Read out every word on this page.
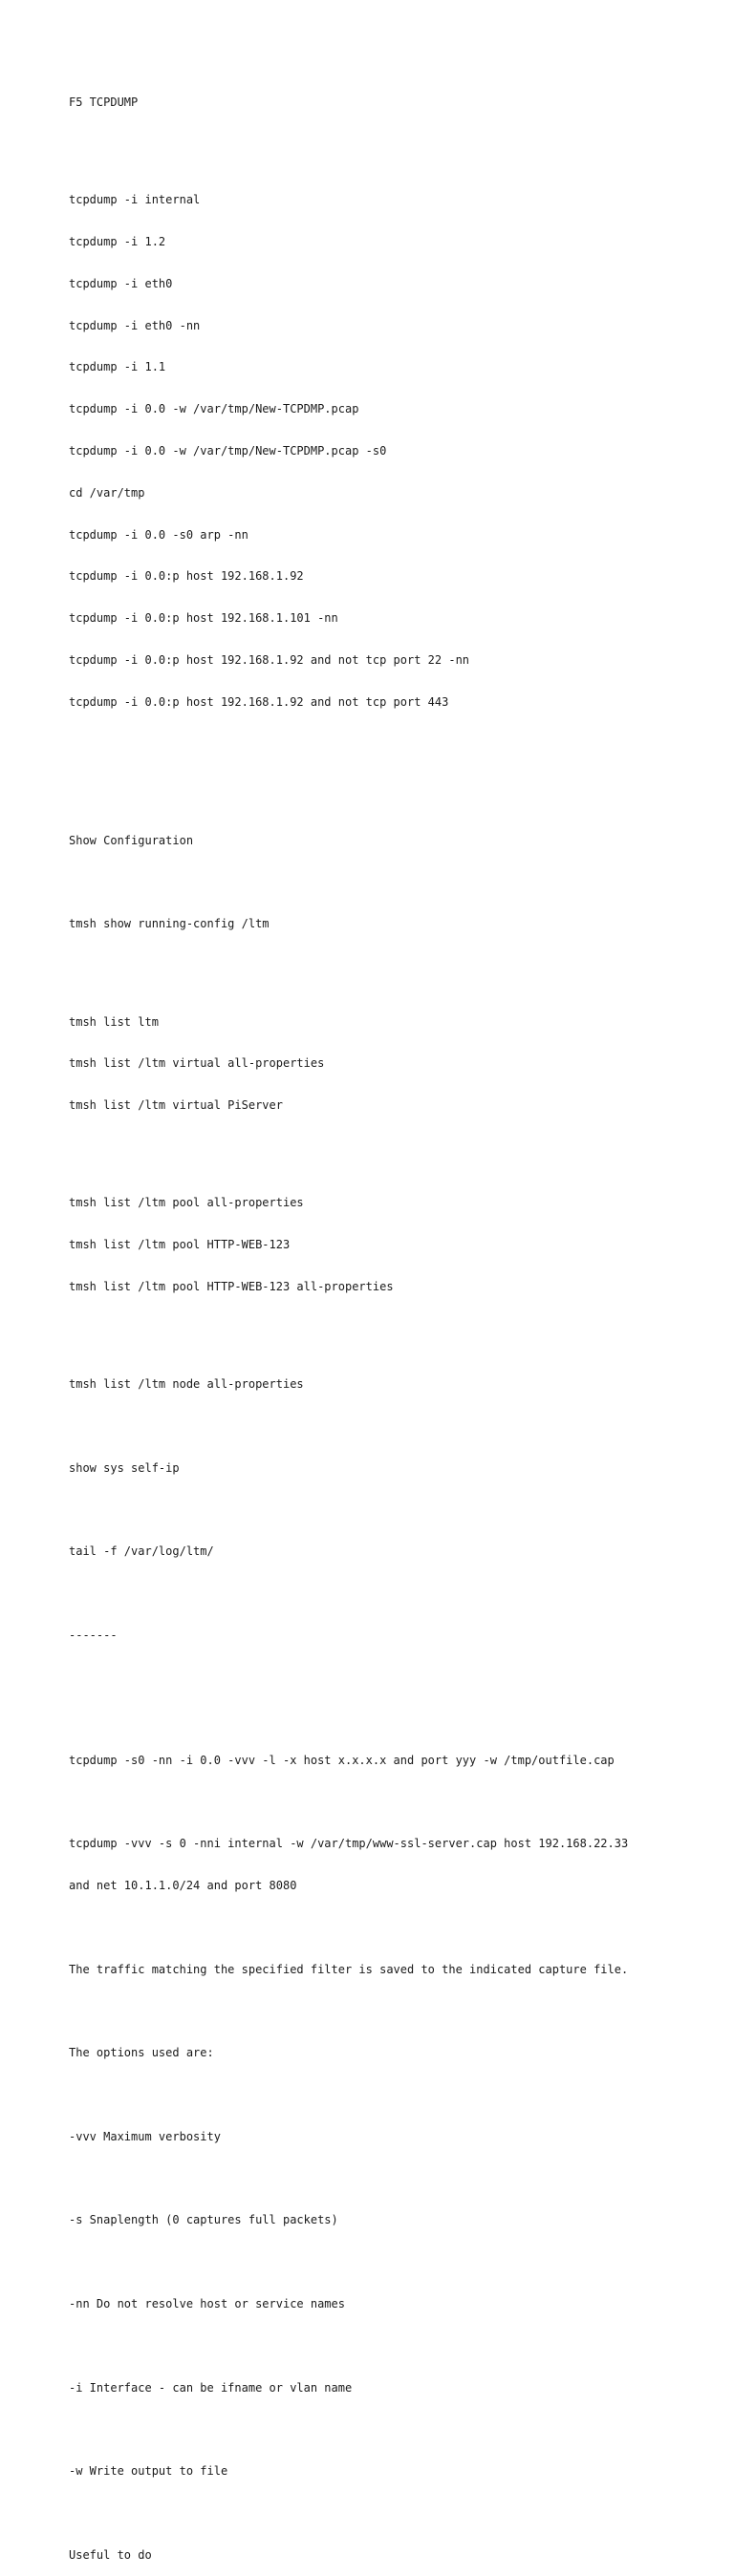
F5 TCPDUMP

tcpdump -i internal

tcpdump -i 1.2

tcpdump -i eth0

tcpdump -i eth0 -nn

tcpdump -i 1.1

tcpdump -i 0.0 -w /var/tmp/New-TCPDMP.pcap

tcpdump -i 0.0 -w /var/tmp/New-TCPDMP.pcap -s0

cd /var/tmp

tcpdump -i 0.0 -s0 arp -nn

tcpdump -i 0.0:p host 192.168.1.92

tcpdump -i 0.0:p host 192.168.1.101 -nn

tcpdump -i 0.0:p host 192.168.1.92 and not tcp port 22 -nn

tcpdump -i 0.0:p host 192.168.1.92 and not tcp port 443

Show Configuration

tmsh show running-config /ltm

tmsh list ltm

tmsh list /ltm virtual all-properties

tmsh list /ltm virtual PiServer

tmsh list /ltm pool all-properties

tmsh list /ltm pool HTTP-WEB-123

tmsh list /ltm pool HTTP-WEB-123 all-properties

tmsh list /ltm node all-properties

show sys self-ip

tail -f /var/log/ltm/

-------

tcpdump -s0 -nn -i 0.0 -vvv -l -x host x.x.x.x and port yyy -w /tmp/outfile.cap

tcpdump -vvv -s 0 -nni internal -w /var/tmp/www-ssl-server.cap host 192.168.22.33

and net 10.1.1.0/24 and port 8080

The traffic matching the specified filter is saved to the indicated capture file.

The options used are:

-vvv Maximum verbosity

-s Snaplength (0 captures full packets)

-nn Do not resolve host or service names

-i Interface - can be ifname or vlan name

-w Write output to file

Useful to do
